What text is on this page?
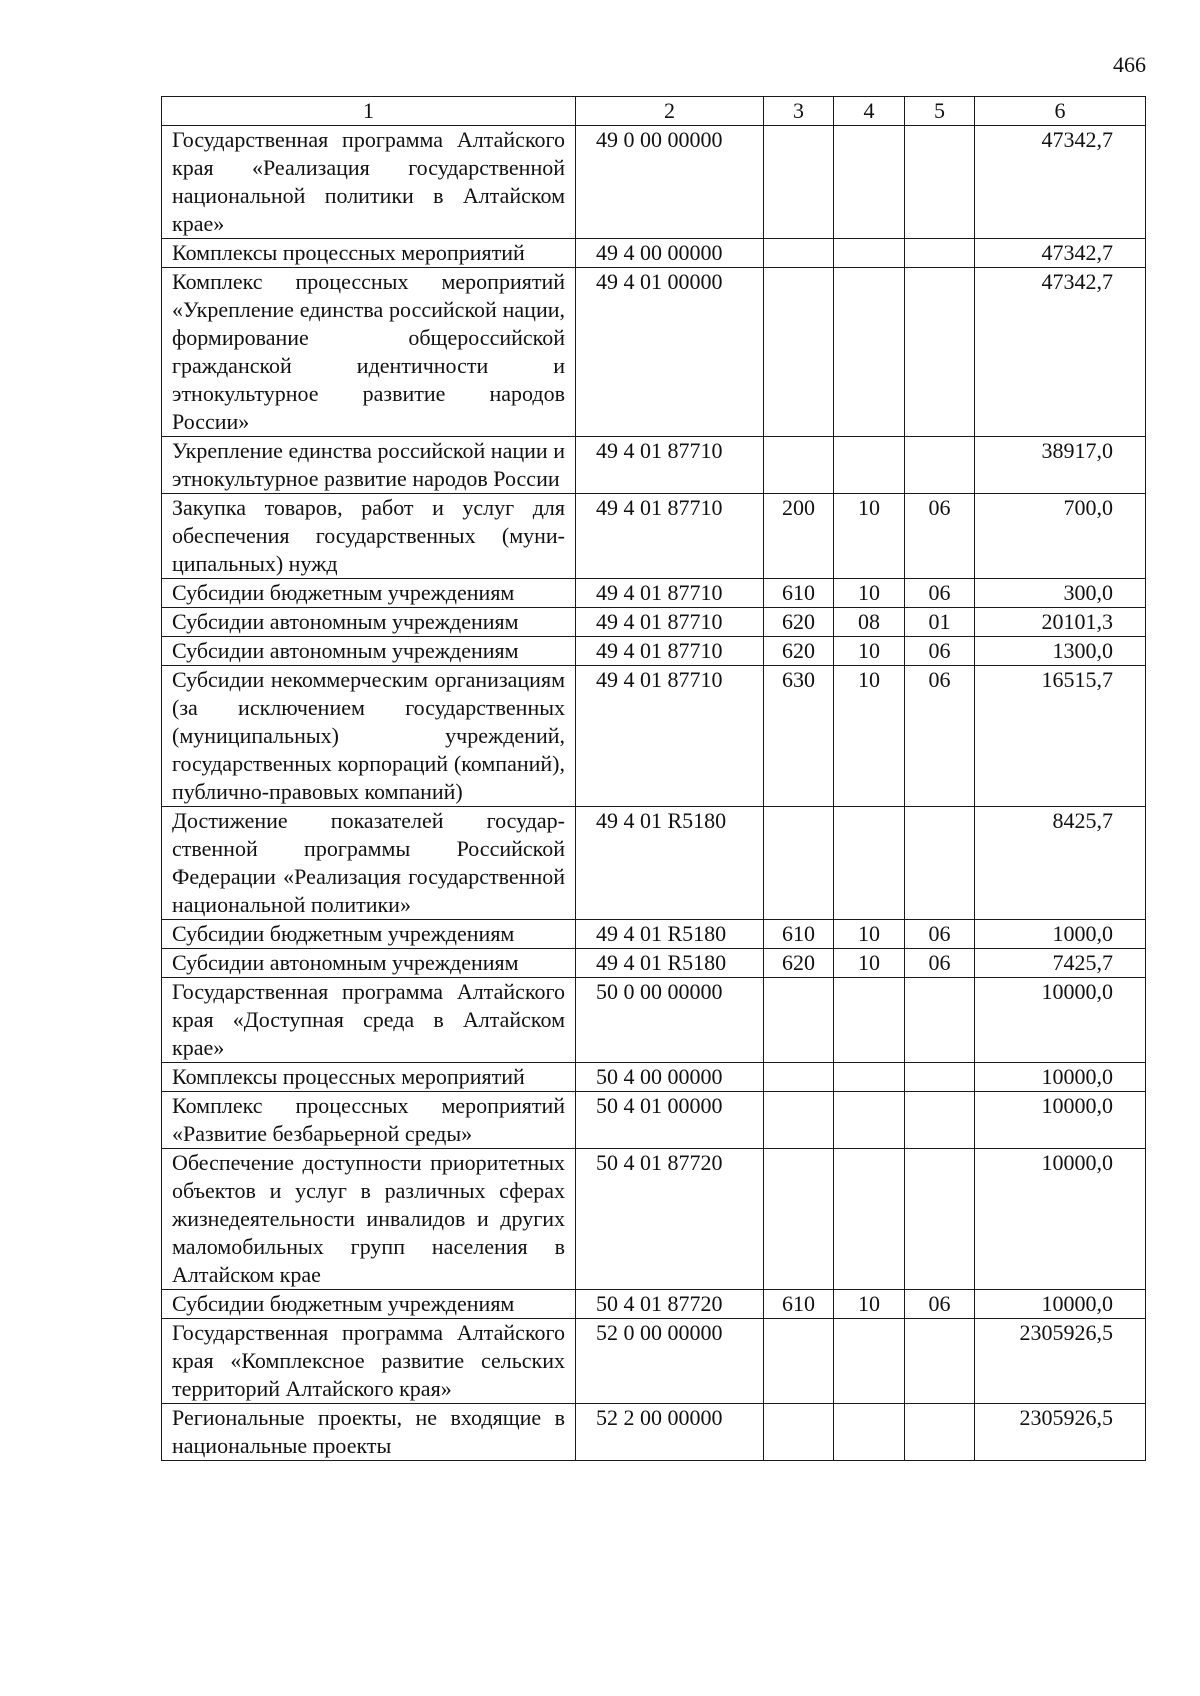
466
1	2	3	4	5	6
Государственная программа Алтайского края «Реализация государственной национальной политики в Алтайском крае»	49 0 00 00000				47342,7
Комплексы процессных мероприятий	49 4 00 00000				47342,7
Комплекс процессных мероприятий «Укрепление единства российской нации, формирование общероссийской гражданской идентичности и этнокультурное развитие народов России»	49 4 01 00000				47342,7
Укрепление единства российской нации и этнокультурное развитие народов России	49 4 01 87710				38917,0
Закупка товаров, работ и услуг для обеспечения государственных (муниципальных) нужд	49 4 01 87710	200	10	06	700,0
Субсидии бюджетным учреждениям	49 4 01 87710	610	10	06	300,0
Субсидии автономным учреждениям	49 4 01 87710	620	08	01	20101,3
Субсидии автономным учреждениям	49 4 01 87710	620	10	06	1300,0
Субсидии некоммерческим организациям (за исключением государственных (муниципальных) учреждений, государственных корпораций (компаний), публично-правовых компаний)	49 4 01 87710	630	10	06	16515,7
Достижение показателей государственной программы Российской Федерации «Реализация государственной национальной политики»	49 4 01 R5180				8425,7
Субсидии бюджетным учреждениям	49 4 01 R5180	610	10	06	1000,0
Субсидии автономным учреждениям	49 4 01 R5180	620	10	06	7425,7
Государственная программа Алтайского края «Доступная среда в Алтайском крае»	50 0 00 00000				10000,0
Комплексы процессных мероприятий	50 4 00 00000				10000,0
Комплекс процессных мероприятий «Развитие безбарьерной среды»	50 4 01 00000				10000,0
Обеспечение доступности приоритетных объектов и услуг в различных сферах жизнедеятельности инвалидов и других маломобильных групп населения в Алтайском крае	50 4 01 87720				10000,0
Субсидии бюджетным учреждениям	50 4 01 87720	610	10	06	10000,0
Государственная программа Алтайского края «Комплексное развитие сельских территорий Алтайского края»	52 0 00 00000				2305926,5
Региональные проекты, не входящие в национальные проекты	52 2 00 00000				2305926,5
